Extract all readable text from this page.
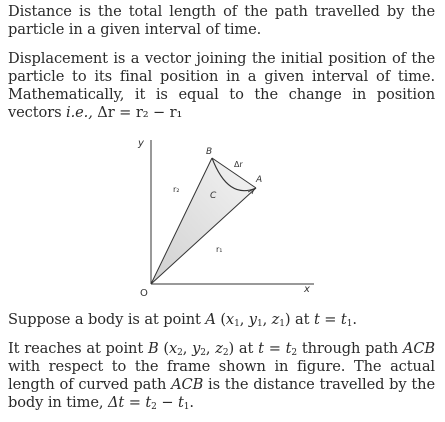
Distance is the total length of the path travelled by the particle in a given interval of time.

Displacement is a vector joining the initial position of the particle to its final position in a given interval of time. Mathematically, it is equal to the change in position vectors i.e., Δr = r₂ − r₁

y
x
O
B
A
C
Δr
r₂
r₁

Suppose a body is at point A ($x_1$, $y_1$, $z_1$) at $t = t_1$.

It reaches at point B ($x_2$, $y_2$, $z_2$) at $t = t_2$ through path ACB with respect to the frame shown in figure. The actual length of curved path ACB is the distance travelled by the body in time, $\Delta t = t_2 - t_1$.
